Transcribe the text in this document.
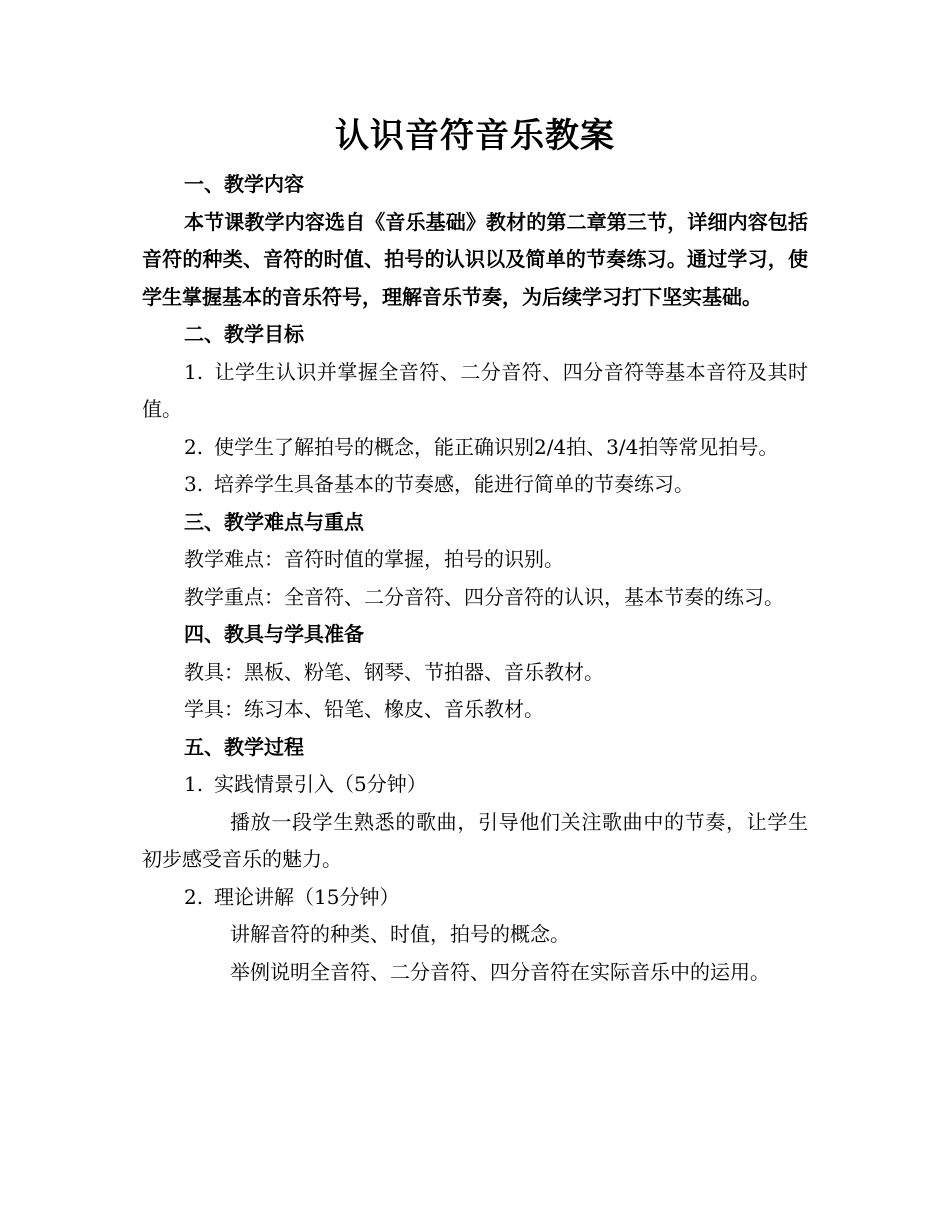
认识音符音乐教案

一、教学内容

本节课教学内容选自《音乐基础》教材的第二章第三节，详细内容包括音符的种类、音符的时值、拍号的认识以及简单的节奏练习。通过学习，使学生掌握基本的音乐符号，理解音乐节奏，为后续学习打下坚实基础。

二、教学目标

1. 让学生认识并掌握全音符、二分音符、四分音符等基本音符及其时值。

2. 使学生了解拍号的概念，能正确识别2/4拍、3/4拍等常见拍号。

3. 培养学生具备基本的节奏感，能进行简单的节奏练习。

三、教学难点与重点

教学难点：音符时值的掌握，拍号的识别。

教学重点：全音符、二分音符、四分音符的认识，基本节奏的练习。

四、教具与学具准备

教具：黑板、粉笔、钢琴、节拍器、音乐教材。

学具：练习本、铅笔、橡皮、音乐教材。

五、教学过程

1. 实践情景引入（5分钟）

播放一段学生熟悉的歌曲，引导他们关注歌曲中的节奏，让学生初步感受音乐的魅力。

2. 理论讲解（15分钟）

讲解音符的种类、时值，拍号的概念。

举例说明全音符、二分音符、四分音符在实际音乐中的运用。
